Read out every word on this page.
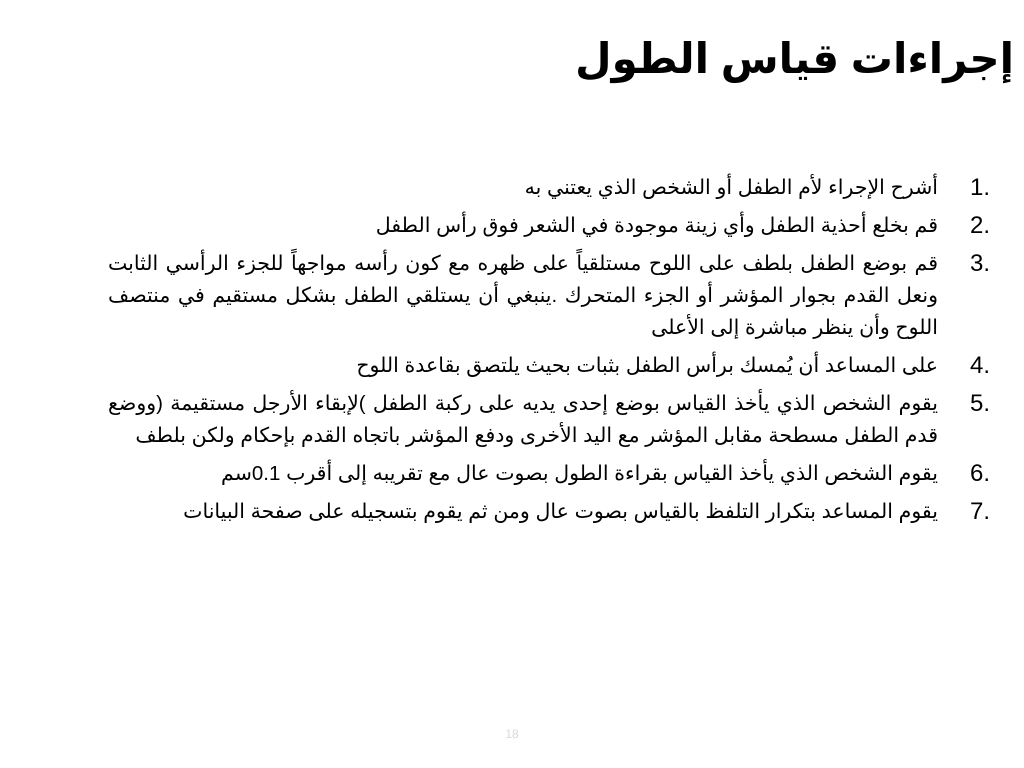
إجراءات قياس الطول
1.
أشرح الإجراء لأم الطفل أو الشخص الذي يعتني به
2.
قم بخلع أحذية الطفل وأي زينة موجودة في الشعر فوق رأس الطفل
3.
قم بوضع الطفل بلطف على اللوح مستلقياً على ظهره مع كون رأسه مواجهاً للجزء الرأسي الثابت ونعل القدم بجوار المؤشر أو الجزء المتحرك .ينبغي أن يستلقي الطفل بشكل مستقيم في منتصف اللوح وأن ينظر مباشرة إلى الأعلى
4.
على المساعد أن يُمسك برأس الطفل بثبات بحيث يلتصق بقاعدة اللوح
5.
يقوم الشخص الذي يأخذ القياس بوضع إحدى يديه على ركبة الطفل )لإبقاء الأرجل مستقيمة (ووضع قدم الطفل مسطحة مقابل المؤشر مع اليد الأخرى ودفع المؤشر باتجاه القدم بإحكام ولكن بلطف
6.
يقوم الشخص الذي يأخذ القياس بقراءة الطول بصوت عال مع تقريبه إلى أقرب 0.1سم
7.
يقوم المساعد بتكرار التلفظ بالقياس بصوت عال ومن ثم يقوم بتسجيله على صفحة البيانات
18
